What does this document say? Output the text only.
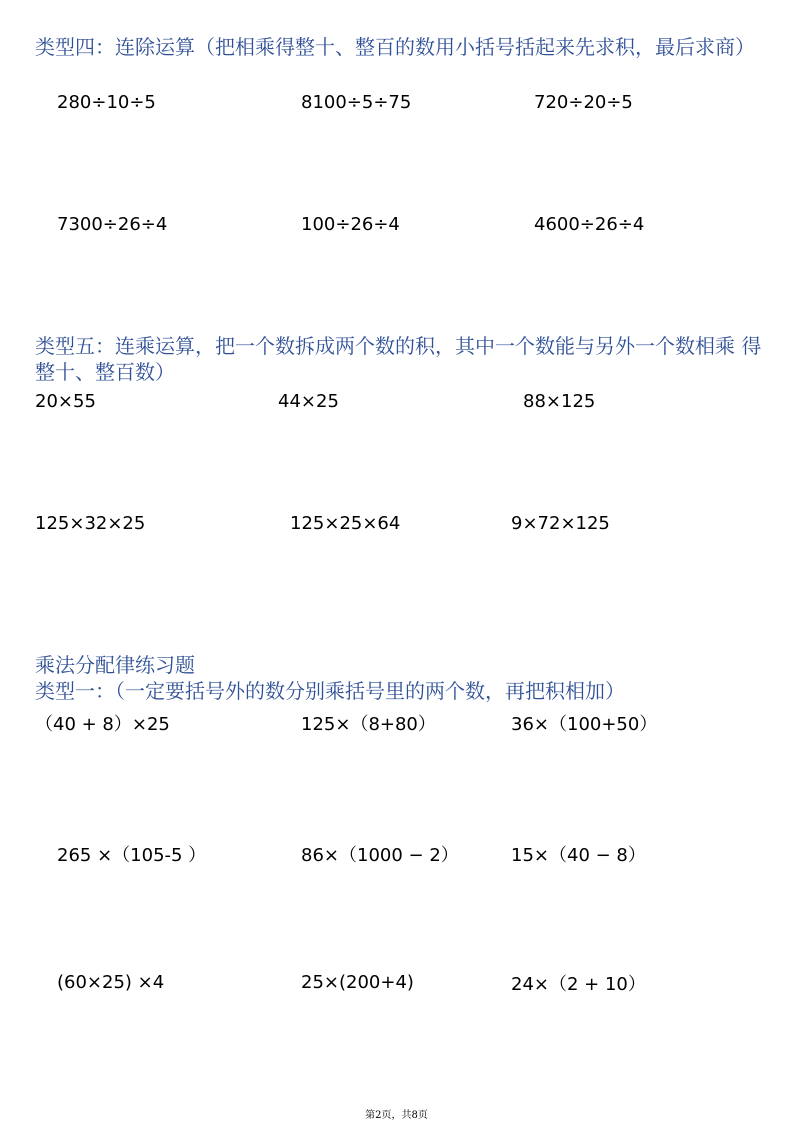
类型四：连除运算（把相乘得整十、整百的数用小括号括起来先求积，最后求商）
280÷10÷5	8100÷5÷75	720÷20÷5
7300÷26÷4	100÷26÷4	4600÷26÷4
类型五：连乘运算，把一个数拆成两个数的积，其中一个数能与另外一个数相乘 得整十、整百数）
20×55	44×25	88×125
125×32×25	125×25×64	9×72×125
乘法分配律练习题
类型一：（一定要括号外的数分别乘括号里的两个数，再把积相加）
（40 + 8）×25	125×（8+80）	36×（100+50）
265 ×（105-5 ）	86×（1000 − 2）	15×（40 − 8）
(60×25) ×4	25×(200+4)	24×（2 + 10）
第2页，共8页
